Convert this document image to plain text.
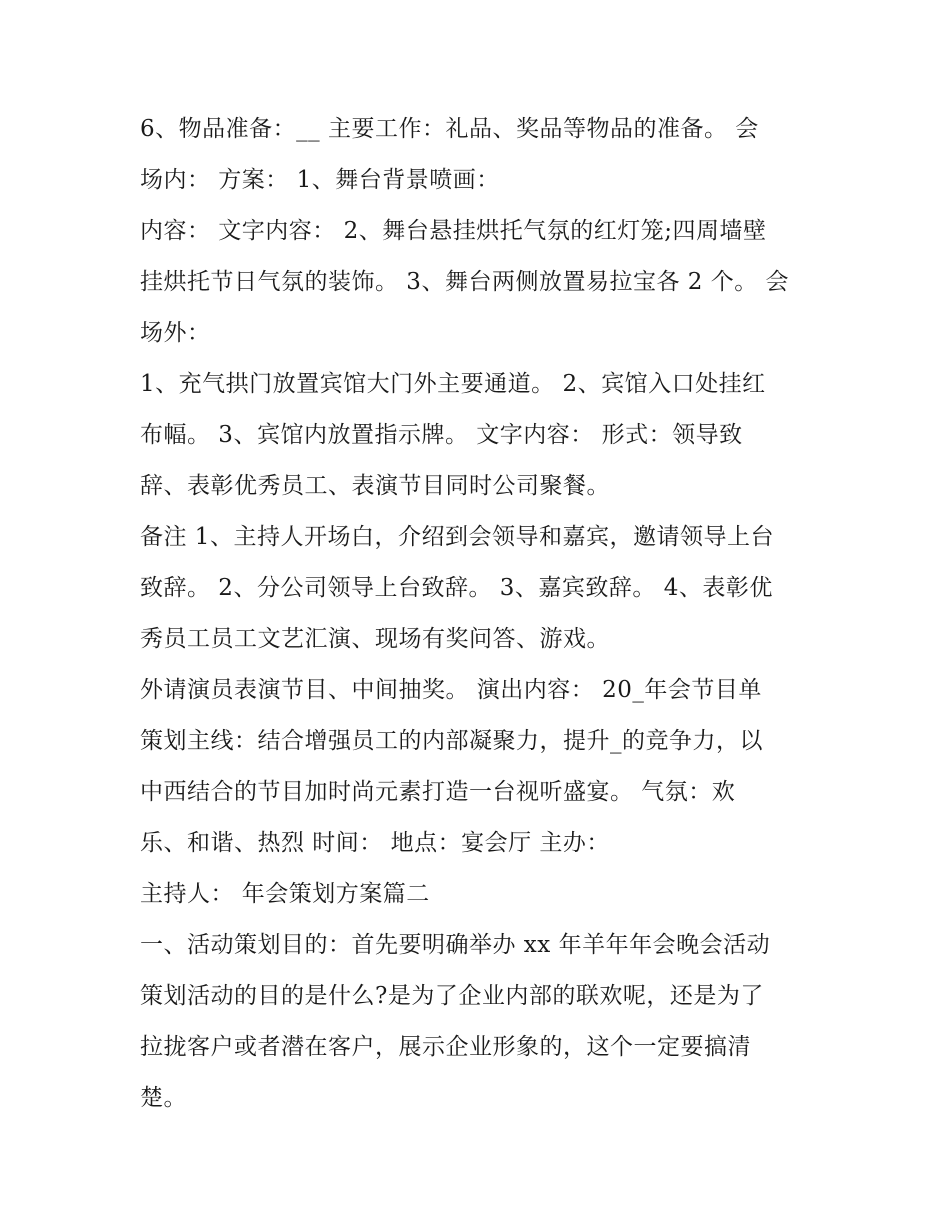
6、物品准备：__ 主要工作：礼品、奖品等物品的准备。 会
场内： 方案： 1、舞台背景喷画：
内容： 文字内容： 2、舞台悬挂烘托气氛的红灯笼;四周墙壁
挂烘托节日气氛的装饰。 3、舞台两侧放置易拉宝各 2 个。 会
场外：
1、充气拱门放置宾馆大门外主要通道。 2、宾馆入口处挂红
布幅。 3、宾馆内放置指示牌。 文字内容： 形式：领导致
辞、表彰优秀员工、表演节目同时公司聚餐。
备注 1、主持人开场白，介绍到会领导和嘉宾，邀请领导上台
致辞。 2、分公司领导上台致辞。 3、嘉宾致辞。 4、表彰优
秀员工员工文艺汇演、现场有奖问答、游戏。
外请演员表演节目、中间抽奖。 演出内容： 20_年会节目单
策划主线：结合增强员工的内部凝聚力，提升_的竞争力，以
中西结合的节目加时尚元素打造一台视听盛宴。 气氛：欢
乐、和谐、热烈 时间： 地点：宴会厅 主办：
主持人： 年会策划方案篇二
一、活动策划目的：首先要明确举办 xx 年羊年年会晚会活动
策划活动的目的是什么?是为了企业内部的联欢呢，还是为了
拉拢客户或者潜在客户，展示企业形象的，这个一定要搞清
楚。
